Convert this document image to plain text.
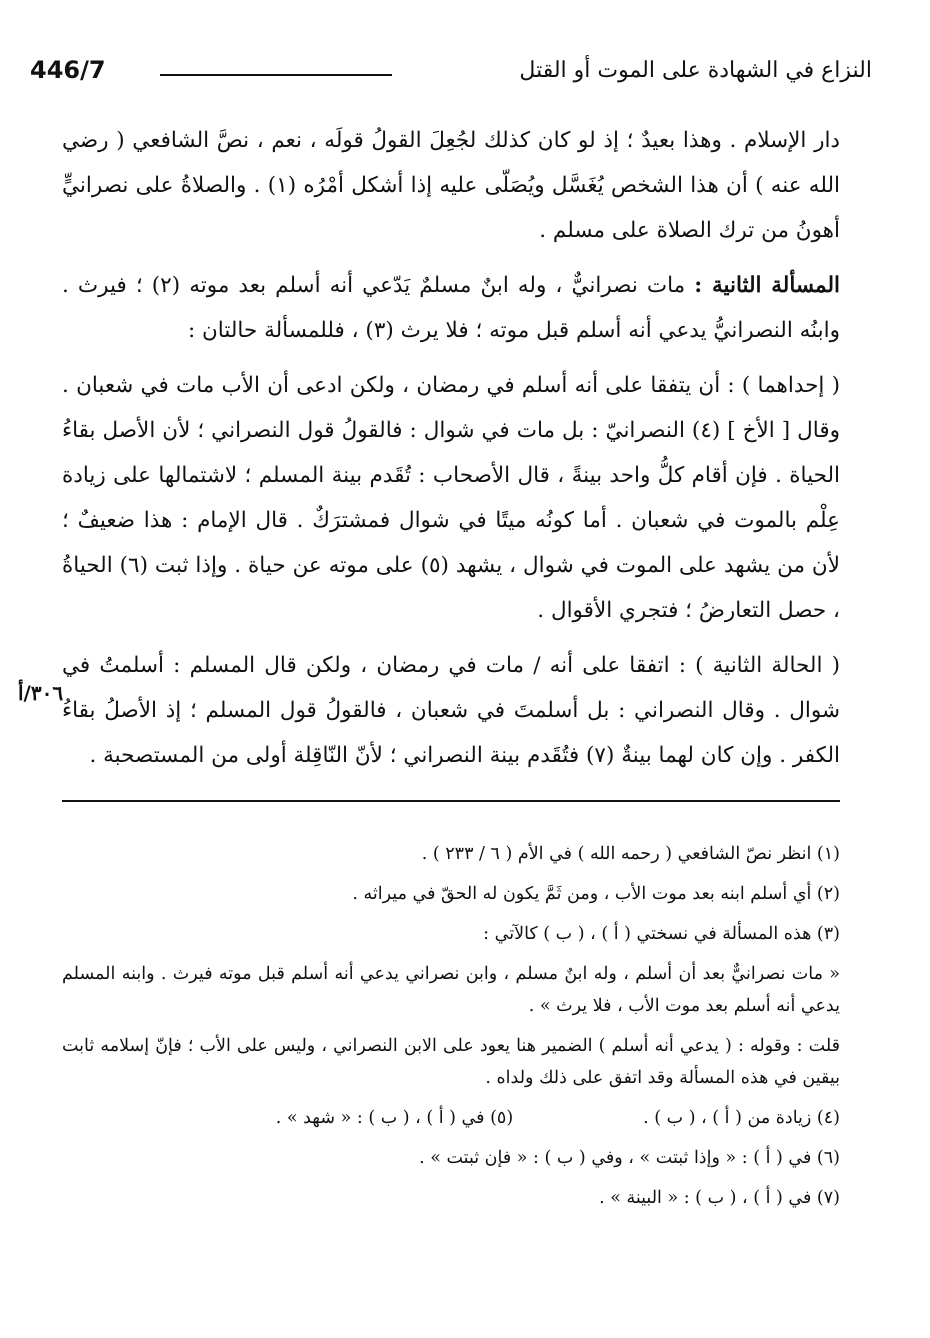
446/7	النزاع في الشهادة على الموت أو القتل

دار الإسلام . وهذا بعيدٌ ؛ إذ لو كان كذلك لجُعِلَ القولُ قولَه ، نعم ، نصَّ الشافعي ( رضي الله عنه ) أن هذا الشخص يُغَسَّل ويُصَلّى عليه إذا أشكل أمْرُه (١) . والصلاةُ على نصرانيٍّ أهونُ من ترك الصلاة على مسلم .

المسألة الثانية : مات نصرانيٌّ ، وله ابنٌ مسلمٌ يَدّعي أنه أسلم بعد موته (٢) ؛ فيرث . وابنُه النصرانيُّ يدعي أنه أسلم قبل موته ؛ فلا يرث (٣) ، فللمسألة حالتان :

( إحداهما ) : أن يتفقا على أنه أسلم في رمضان ، ولكن ادعى أن الأب مات في شعبان . وقال [ الأخ ] (٤) النصرانيّ : بل مات في شوال : فالقولُ قول النصراني ؛ لأن الأصل بقاءُ الحياة . فإن أقام كلُّ واحد بينةً ، قال الأصحاب : تُقَدم بينة المسلم ؛ لاشتمالها على زيادة عِلْم بالموت في شعبان . أما كونُه ميتًا في شوال فمشترَكٌ . قال الإمام : هذا ضعيفٌ ؛ لأن من يشهد على الموت في شوال ، يشهد (٥) على موته عن حياة . وإذا ثبت (٦) الحياةُ ، حصل التعارضُ ؛ فتجري الأقوال .

( الحالة الثانية ) : اتفقا على أنه / مات في رمضان ، ولكن قال المسلم : أسلمتُ في شوال . وقال النصراني : بل أسلمتَ في شعبان ، فالقولُ قول المسلم ؛ إذ الأصلُ بقاءُ الكفر . وإن كان لهما بينةٌ (٧) فتُقَدم بينة النصراني ؛ لأنّ النّاقِلة أولى من المستصحبة .

٣٠٦/أ

(١) انظر نصّ الشافعي ( رحمه الله ) في الأم ( ٦ / ٢٣٣ ) .

(٢) أي أسلم ابنه بعد موت الأب ، ومن ثَمَّ يكون له الحقّ في ميراثه .

(٣) هذه المسألة في نسختي ( أ ) ، ( ب ) كالآتي :

« مات نصرانيٌّ بعد أن أسلم ، وله ابنٌ مسلم ، وابن نصراني يدعي أنه أسلم قبل موته فيرث . وابنه المسلم يدعي أنه أسلم بعد موت الأب ، فلا يرث » .

قلت : وقوله : ( يدعي أنه أسلم ) الضمير هنا يعود على الابن النصراني ، وليس على الأب ؛ فإنّ إسلامه ثابت بيقين في هذه المسألة وقد اتفق على ذلك ولداه .

(٤) زيادة من ( أ ) ، ( ب ) .
(٥) في ( أ ) ، ( ب ) : « شهد » .

(٦) في ( أ ) : « وإذا ثبتت » ، وفي ( ب ) : « فإن ثبتت » .

(٧) في ( أ ) ، ( ب ) : « البينة » .
